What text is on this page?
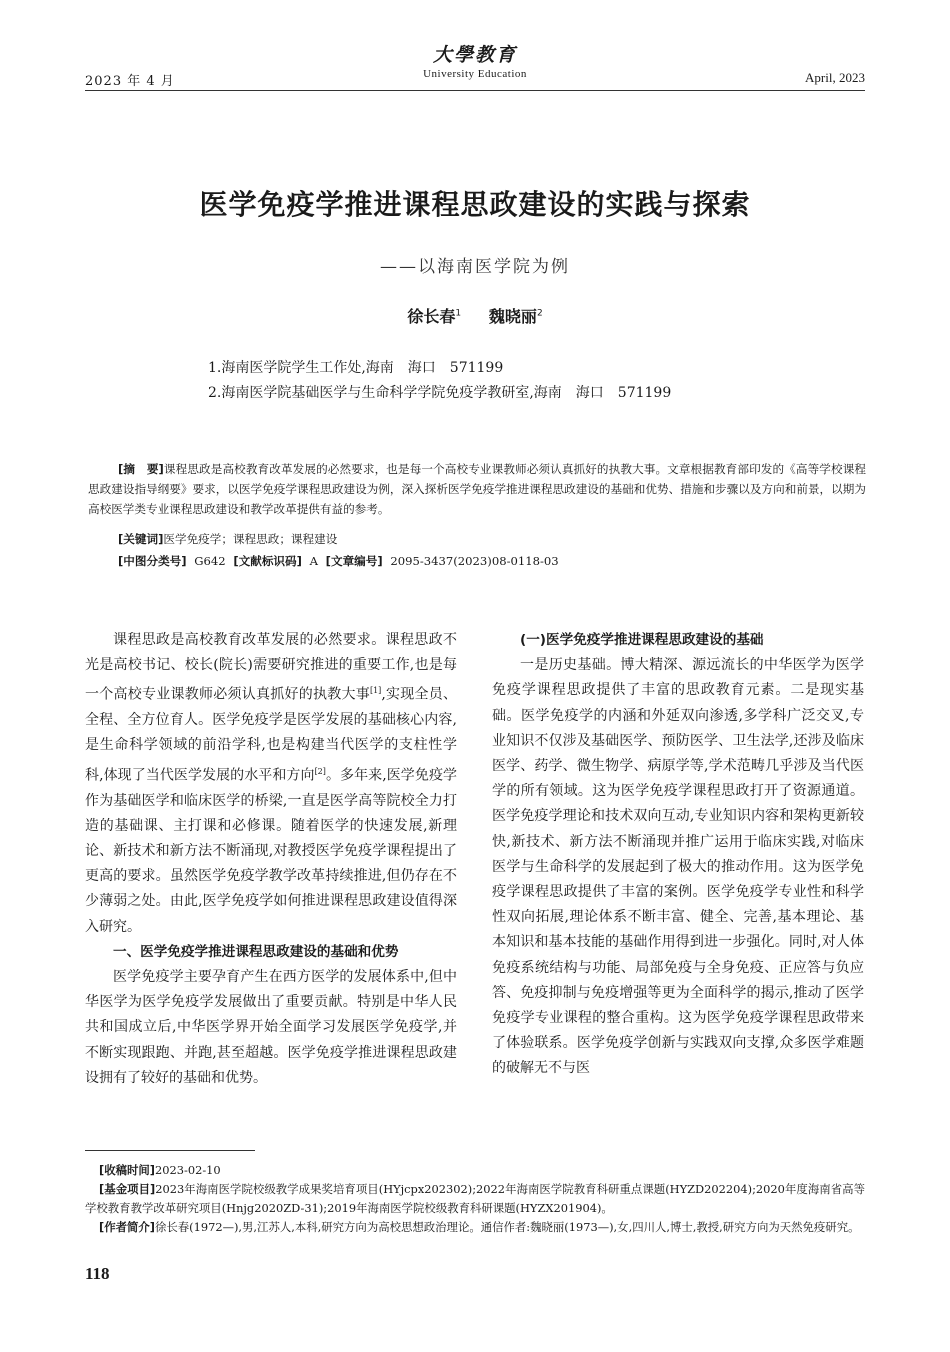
2023 年 4 月
大學教育
University Education	April, 2023
医学免疫学推进课程思政建设的实践与探索
——以海南医学院为例
徐长春$^1$ 魏晓丽$^2$
1.海南医学院学生工作处,海南　海口　571199
2.海南医学院基础医学与生命科学学院免疫学教研室,海南　海口　571199
[摘　要]课程思政是高校教育改革发展的必然要求，也是每一个高校专业课教师必须认真抓好的执教大事。文章根据教育部印发的《高等学校课程思政建设指导纲要》要求，以医学免疫学课程思政建设为例，深入探析医学免疫学推进课程思政建设的基础和优势、措施和步骤以及方向和前景，以期为高校医学类专业课程思政建设和教学改革提供有益的参考。
[关键词]医学免疫学；课程思政；课程建设
[中图分类号] G642 [文献标识码] A [文章编号] 2095-3437(2023)08-0118-03

课程思政是高校教育改革发展的必然要求。课程思政不光是高校书记、校长(院长)需要研究推进的重要工作,也是每一个高校专业课教师必须认真抓好的执教大事[1],实现全员、全程、全方位育人。医学免疫学是医学发展的基础核心内容,是生命科学领域的前沿学科,也是构建当代医学的支柱性学科,体现了当代医学发展的水平和方向[2]。多年来,医学免疫学作为基础医学和临床医学的桥梁,一直是医学高等院校全力打造的基础课、主打课和必修课。随着医学的快速发展,新理论、新技术和新方法不断涌现,对教授医学免疫学课程提出了更高的要求。虽然医学免疫学教学改革持续推进,但仍存在不少薄弱之处。由此,医学免疫学如何推进课程思政建设值得深入研究。

一、医学免疫学推进课程思政建设的基础和优势

医学免疫学主要孕育产生在西方医学的发展体系中,但中华医学为医学免疫学发展做出了重要贡献。特别是中华人民共和国成立后,中华医学界开始全面学习发展医学免疫学,并不断实现跟跑、并跑,甚至超越。医学免疫学推进课程思政建设拥有了较好的基础和优势。

(一)医学免疫学推进课程思政建设的基础

一是历史基础。博大精深、源远流长的中华医学为医学免疫学课程思政提供了丰富的思政教育元素。二是现实基础。医学免疫学的内涵和外延双向渗透,多学科广泛交叉,专业知识不仅涉及基础医学、预防医学、卫生法学,还涉及临床医学、药学、微生物学、病原学等,学术范畴几乎涉及当代医学的所有领域。这为医学免疫学课程思政打开了资源通道。医学免疫学理论和技术双向互动,专业知识内容和架构更新较快,新技术、新方法不断涌现并推广运用于临床实践,对临床医学与生命科学的发展起到了极大的推动作用。这为医学免疫学课程思政提供了丰富的案例。医学免疫学专业性和科学性双向拓展,理论体系不断丰富、健全、完善,基本理论、基本知识和基本技能的基础作用得到进一步强化。同时,对人体免疫系统结构与功能、局部免疫与全身免疫、正应答与负应答、免疫抑制与免疫增强等更为全面科学的揭示,推动了医学免疫学专业课程的整合重构。这为医学免疫学课程思政带来了体验联系。医学免疫学创新与实践双向支撑,众多医学难题的破解无不与医

[收稿时间]2023-02-10
[基金项目]2023年海南医学院校级教学成果奖培育项目(HYjcpx202302);2022年海南医学院教育科研重点课题(HYZD202204);2020年度海南省高等学校教育教学改革研究项目(Hnjg2020ZD-31);2019年海南医学院校级教育科研课题(HYZX201904)。
[作者简介]徐长春(1972—),男,江苏人,本科,研究方向为高校思想政治理论。通信作者:魏晓丽(1973—),女,四川人,博士,教授,研究方向为天然免疫研究。
118
